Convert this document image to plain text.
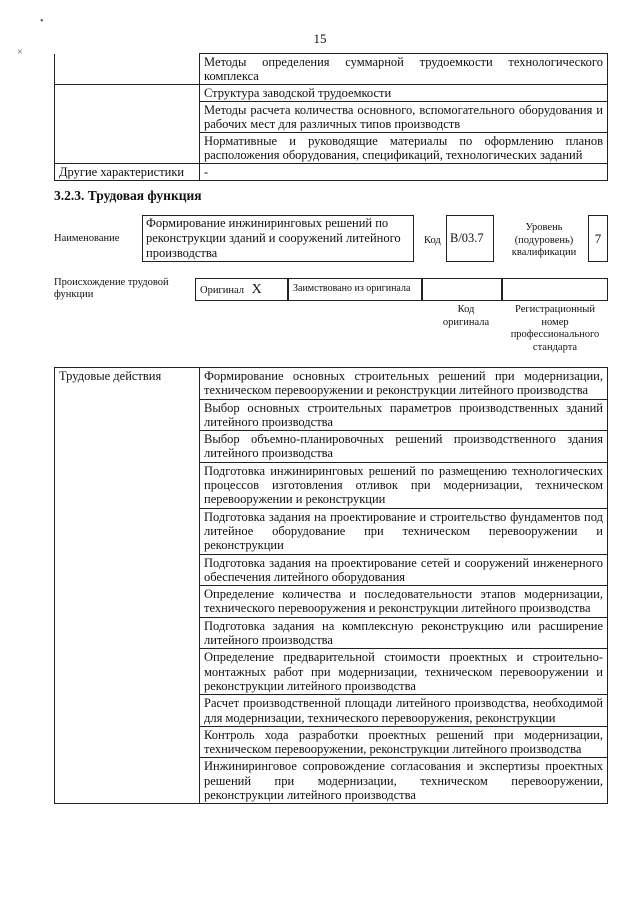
15
•
×
	Методы определения суммарной трудоемкости технологического комплекса
	Структура заводской трудоемкости
	Методы расчета количества основного, вспомогательного оборудования и рабочих мест для различных типов производств
	Нормативные и руководящие материалы по оформлению планов расположения оборудования, спецификаций, технологических заданий
Другие характеристики	-
3.2.3. Трудовая функция
Наименование
Формирование инжиниринговых решений по реконструкции зданий и сооружений литейного производства
Код B/03.7
Уровень (подуровень) квалификации
7
Происхождение трудовой функции	Оригинал Х	Заимствовано из оригинала
Код оригинала
Регистрационный номер профессионального стандарта
Трудовые действия	Формирование основных строительных решений при модернизации, техническом перевооружении и реконструкции литейного производства
	Выбор основных строительных параметров производственных зданий литейного производства
	Выбор объемно-планировочных решений производственного здания литейного производства
	Подготовка инжиниринговых решений по размещению технологических процессов изготовления отливок при модернизации, техническом перевооружении и реконструкции
	Подготовка задания на проектирование и строительство фундаментов под литейное оборудование при техническом перевооружении и реконструкции
	Подготовка задания на проектирование сетей и сооружений инженерного обеспечения литейного оборудования
	Определение количества и последовательности этапов модернизации, технического перевооружения и реконструкции литейного производства
	Подготовка задания на комплексную реконструкцию или расширение литейного производства
	Определение предварительной стоимости проектных и строительно-монтажных работ при модернизации, техническом перевооружении и реконструкции литейного производства
	Расчет производственной площади литейного производства, необходимой для модернизации, технического перевооружения, реконструкции
	Контроль хода разработки проектных решений при модернизации, техническом перевооружении, реконструкции литейного производства
	Инжиниринговое сопровождение согласования и экспертизы проектных решений при модернизации, техническом перевооружении, реконструкции литейного производства
